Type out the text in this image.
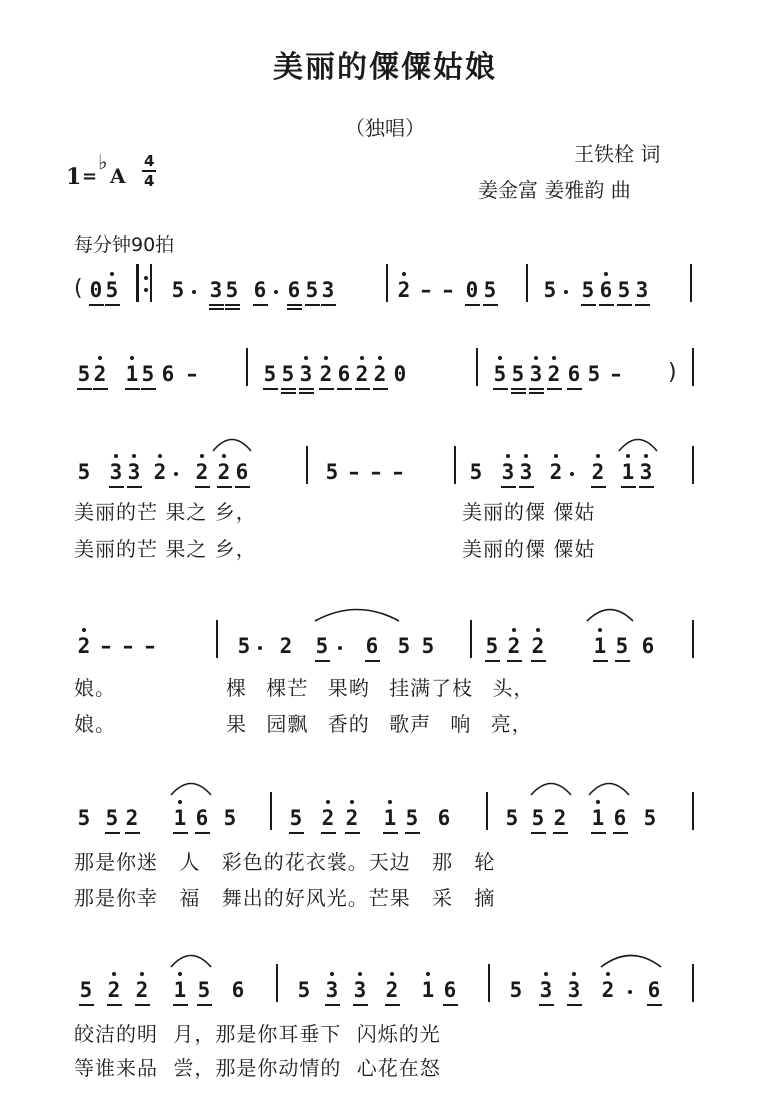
美丽的僳僳姑娘
（独唱）
王铁栓 词
姜金富 姜雅韵 曲
1 =
♭
A
4
4
每分钟90拍
( 0 5	5 3 5 6 6 5 3	2 – – 0 5 5 5 6 5 3
5 2 1 5 6 –	5 5 3 2 6 2 2 0	5 5 3 2 6 5 – )
5 3 3 2 2 2 6	5 – – –	5 3 3 2 2 1 3
2 – – –	5 2 5 6 5 5 5 2 2 1 5 6
5 5 2 1 6 5	5 2 2 1 5 6	5 5 2 1 6 5
5 2 2 1 5 6	5 3 3 2 1 6	5 3 3 2 6
美丽的芒 果之 乡，	美丽的僳 僳姑
美丽的芒 果之 乡，	美丽的僳 僳姑
娘。	棵 棵芒 果哟 挂满了枝 头，
娘。	果 园飘 香的 歌声 响 亮，
那是你迷 人 彩色的花衣裳。天边 那 轮
那是你幸 福 舞出的好风光。芒果 采 摘
皎洁的明 月，那是你耳垂下 闪烁的光
等谁来品 尝，那是你动情的 心花在怒
